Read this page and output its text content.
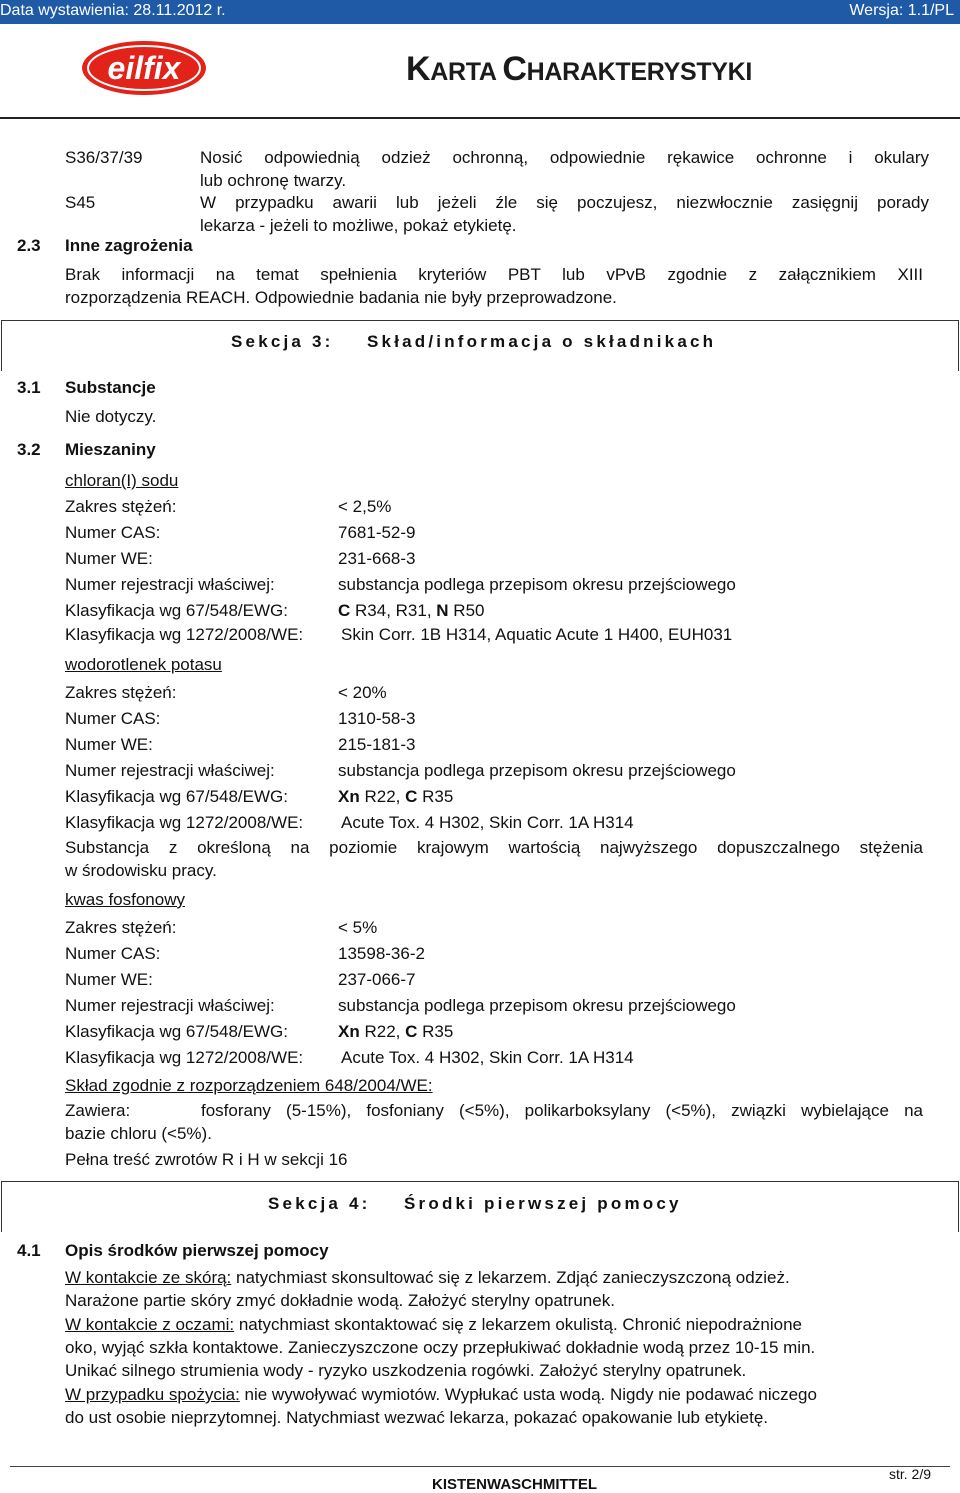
Data wystawienia: 28.11.2012 r.	Wersja: 1.1/PL
eilfix	KARTA CHARAKTERYSTYKI
S36/37/39	Nosić odpowiednią odzież ochronną, odpowiednie rękawice ochronne i okulary
lub ochronę twarzy.
S45	W przypadku awarii lub jeżeli źle się poczujesz, niezwłocznie zasięgnij porady
lekarza - jeżeli to możliwe, pokaż etykietę.
2.3 Inne zagrożenia
Brak informacji na temat spełnienia kryteriów PBT lub vPvB zgodnie z załącznikiem XIII
rozporządzenia REACH. Odpowiednie badania nie były przeprowadzone.
Sekcja 3: Skład/informacja o składnikach
3.1 Substancje
Nie dotyczy.
3.2 Mieszaniny
chloran(I) sodu
Zakres stężeń:	< 2,5%
Numer CAS:	7681-52-9
Numer WE:	231-668-3
Numer rejestracji właściwej:	substancja podlega przepisom okresu przejściowego
Klasyfikacja wg 67/548/EWG:	C R34, R31, N R50
Klasyfikacja wg 1272/2008/WE: Skin Corr. 1B H314, Aquatic Acute 1 H400, EUH031
wodorotlenek potasu
Zakres stężeń:	< 20%
Numer CAS:	1310-58-3
Numer WE:	215-181-3
Numer rejestracji właściwej:	substancja podlega przepisom okresu przejściowego
Klasyfikacja wg 67/548/EWG:	Xn R22, C R35
Klasyfikacja wg 1272/2008/WE: Acute Tox. 4 H302, Skin Corr. 1A H314
Substancja z określoną na poziomie krajowym wartością najwyższego dopuszczalnego stężenia
w środowisku pracy.
kwas fosfonowy
Zakres stężeń:	< 5%
Numer CAS:	13598-36-2
Numer WE:	237-066-7
Numer rejestracji właściwej:	substancja podlega przepisom okresu przejściowego
Klasyfikacja wg 67/548/EWG:	Xn R22, C R35
Klasyfikacja wg 1272/2008/WE: Acute Tox. 4 H302, Skin Corr. 1A H314
Skład zgodnie z rozporządzeniem 648/2004/WE:
Zawiera:	fosforany (5-15%), fosfoniany (<5%), polikarboksylany (<5%), związki wybielające na
bazie chloru (<5%).
Pełna treść zwrotów R i H w sekcji 16
Sekcja 4: Środki pierwszej pomocy
4.1 Opis środków pierwszej pomocy
W kontakcie ze skórą: natychmiast skonsultować się z lekarzem. Zdjąć zanieczyszczoną odzież.
Narażone partie skóry zmyć dokładnie wodą. Założyć sterylny opatrunek.
W kontakcie z oczami: natychmiast skontaktować się z lekarzem okulistą. Chronić niepodrażnione
oko, wyjąć szkła kontaktowe. Zanieczyszczone oczy przepłukiwać dokładnie wodą przez 10-15 min.
Unikać silnego strumienia wody - ryzyko uszkodzenia rogówki. Założyć sterylny opatrunek.
W przypadku spożycia: nie wywoływać wymiotów. Wypłukać usta wodą. Nigdy nie podawać niczego
do ust osobie nieprzytomnej. Natychmiast wezwać lekarza, pokazać opakowanie lub etykietę.
KISTENWASCHMITTEL
str. 2/9
